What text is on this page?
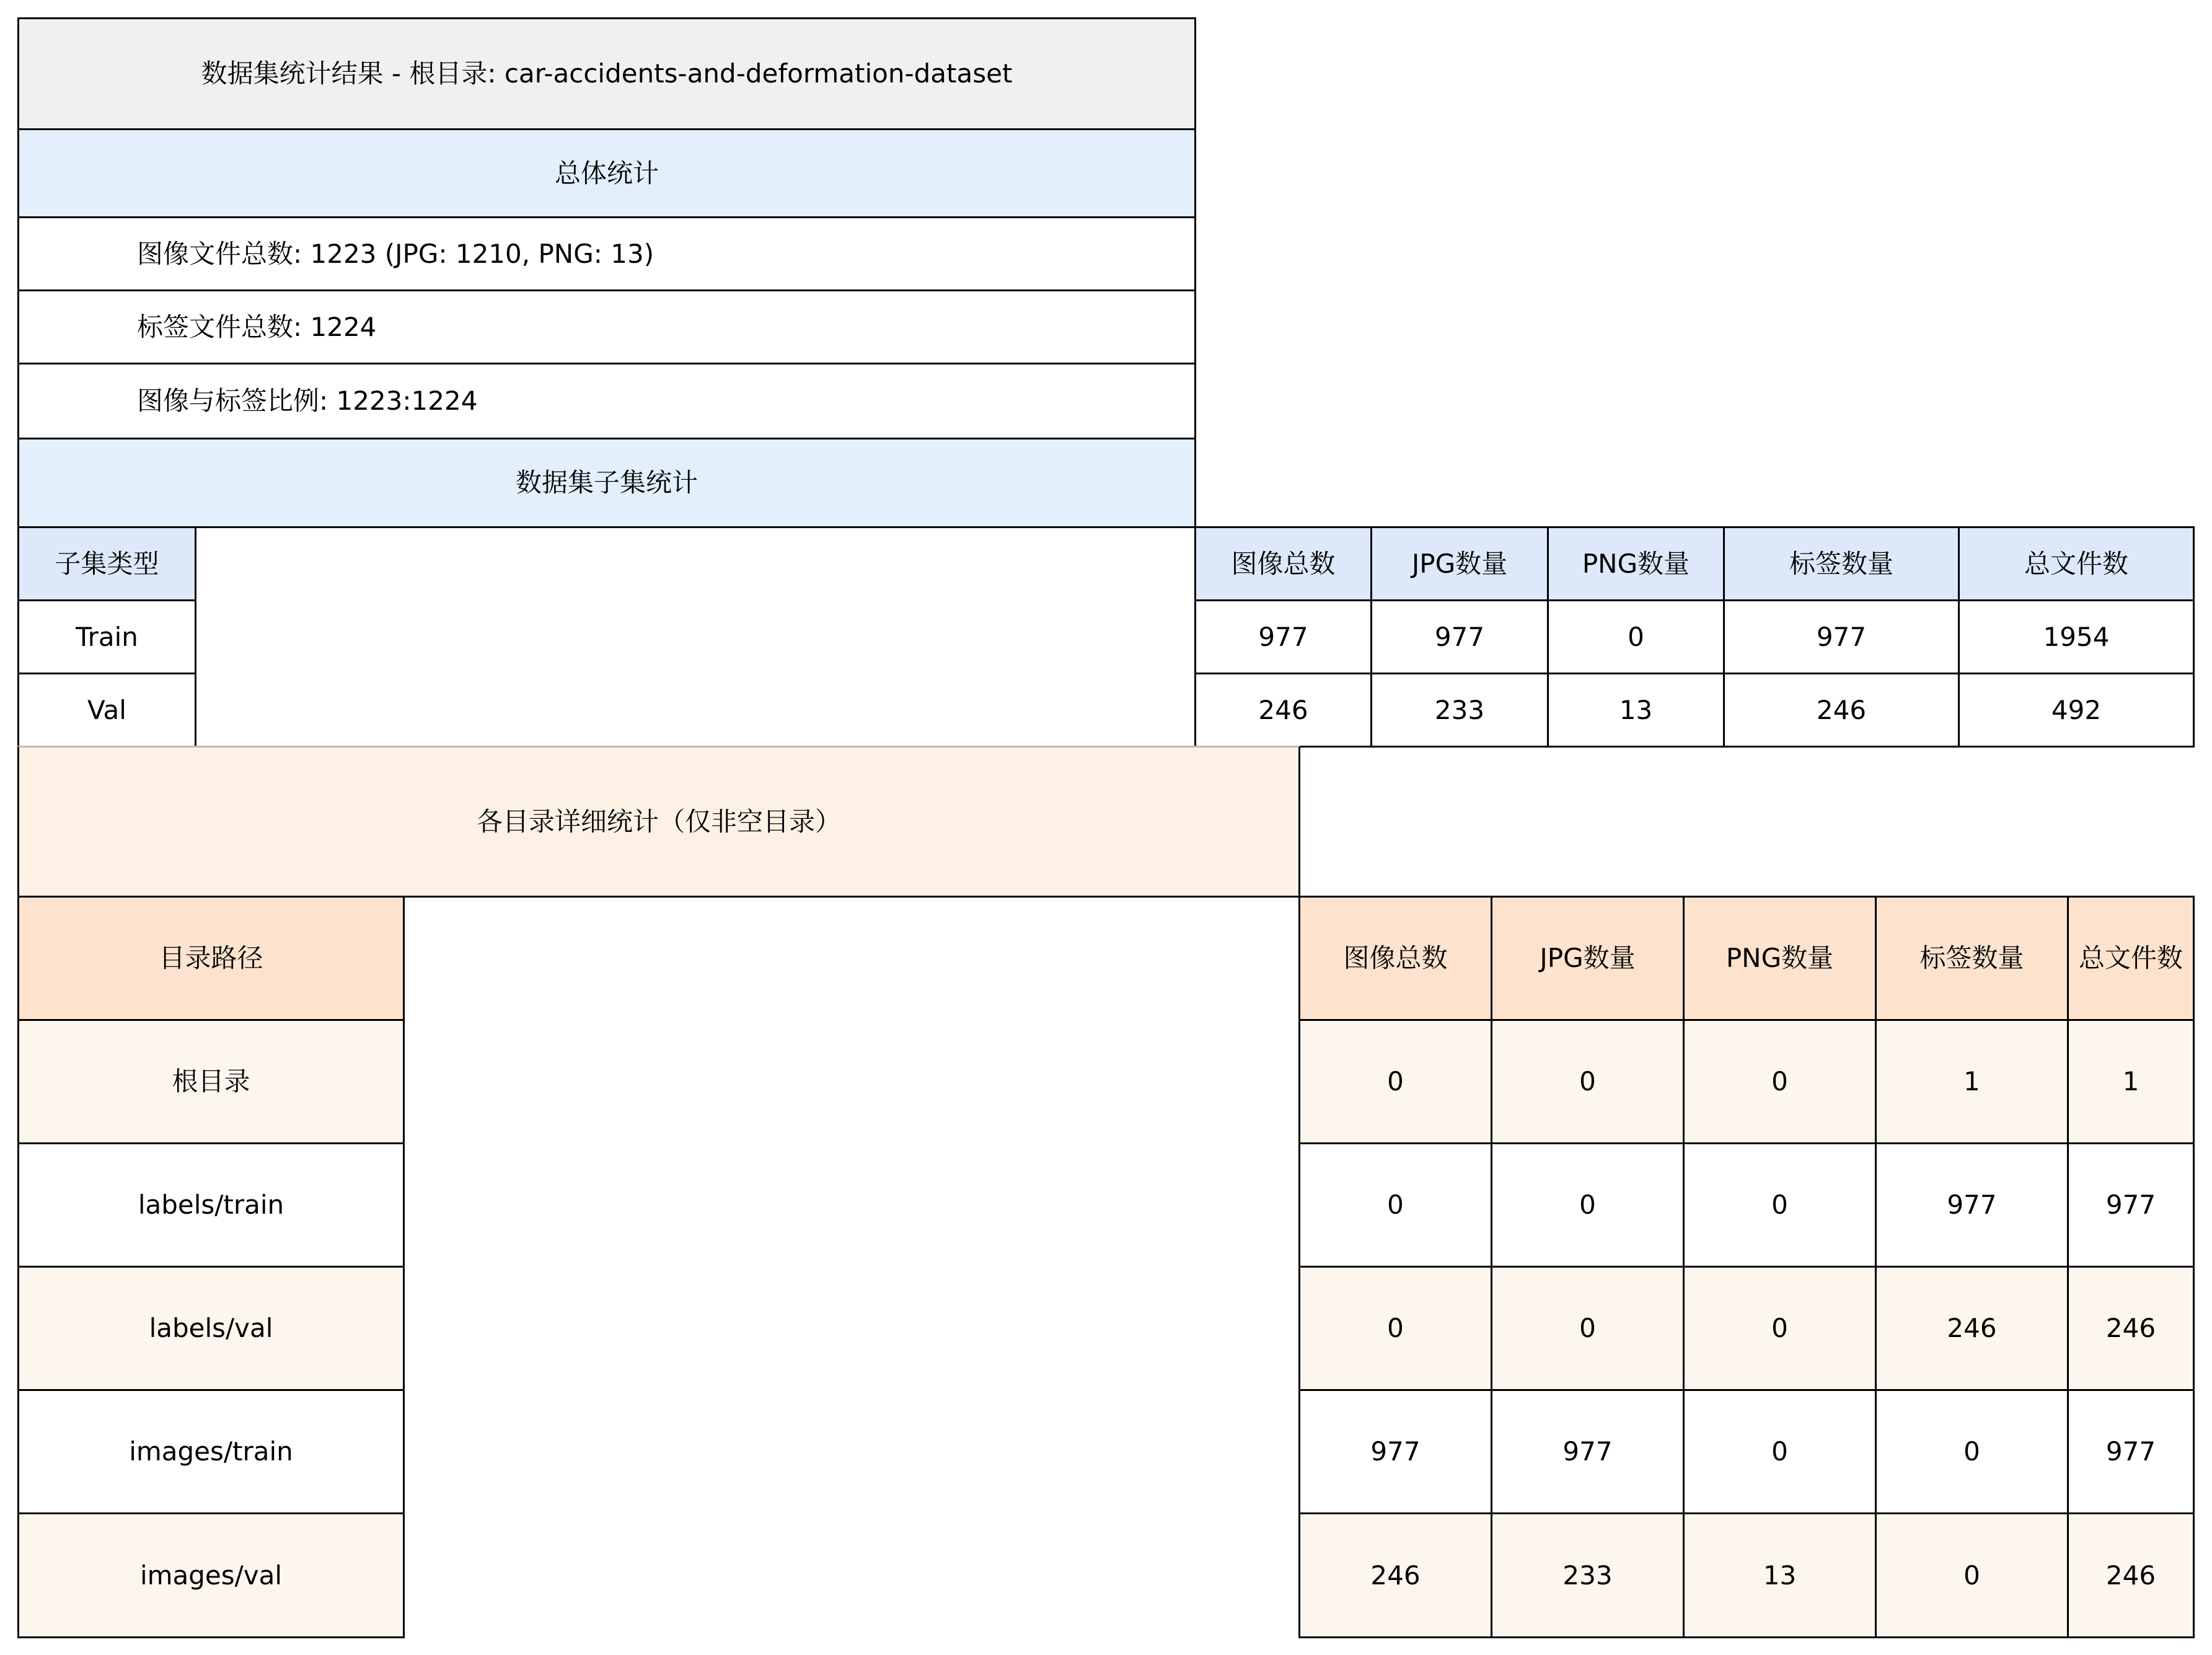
数据集统计结果 - 根目录: car-accidents-and-deformation-dataset
总体统计
图像文件总数: 1223 (JPG: 1210, PNG: 13)
标签文件总数: 1224
图像与标签比例: 1223:1224
数据集子集统计
子集类型	图像总数	JPG数量	PNG数量	标签数量	总文件数
Train	977	977	0	977	1954
Val	246	233	13	246	492
各目录详细统计（仅非空目录）
目录路径	图像总数	JPG数量	PNG数量	标签数量	总文件数
根目录	0	0	0	1	1
labels/train	0	0	0	977	977
labels/val	0	0	0	246	246
images/train	977	977	0	0	977
images/val	246	233	13	0	246
